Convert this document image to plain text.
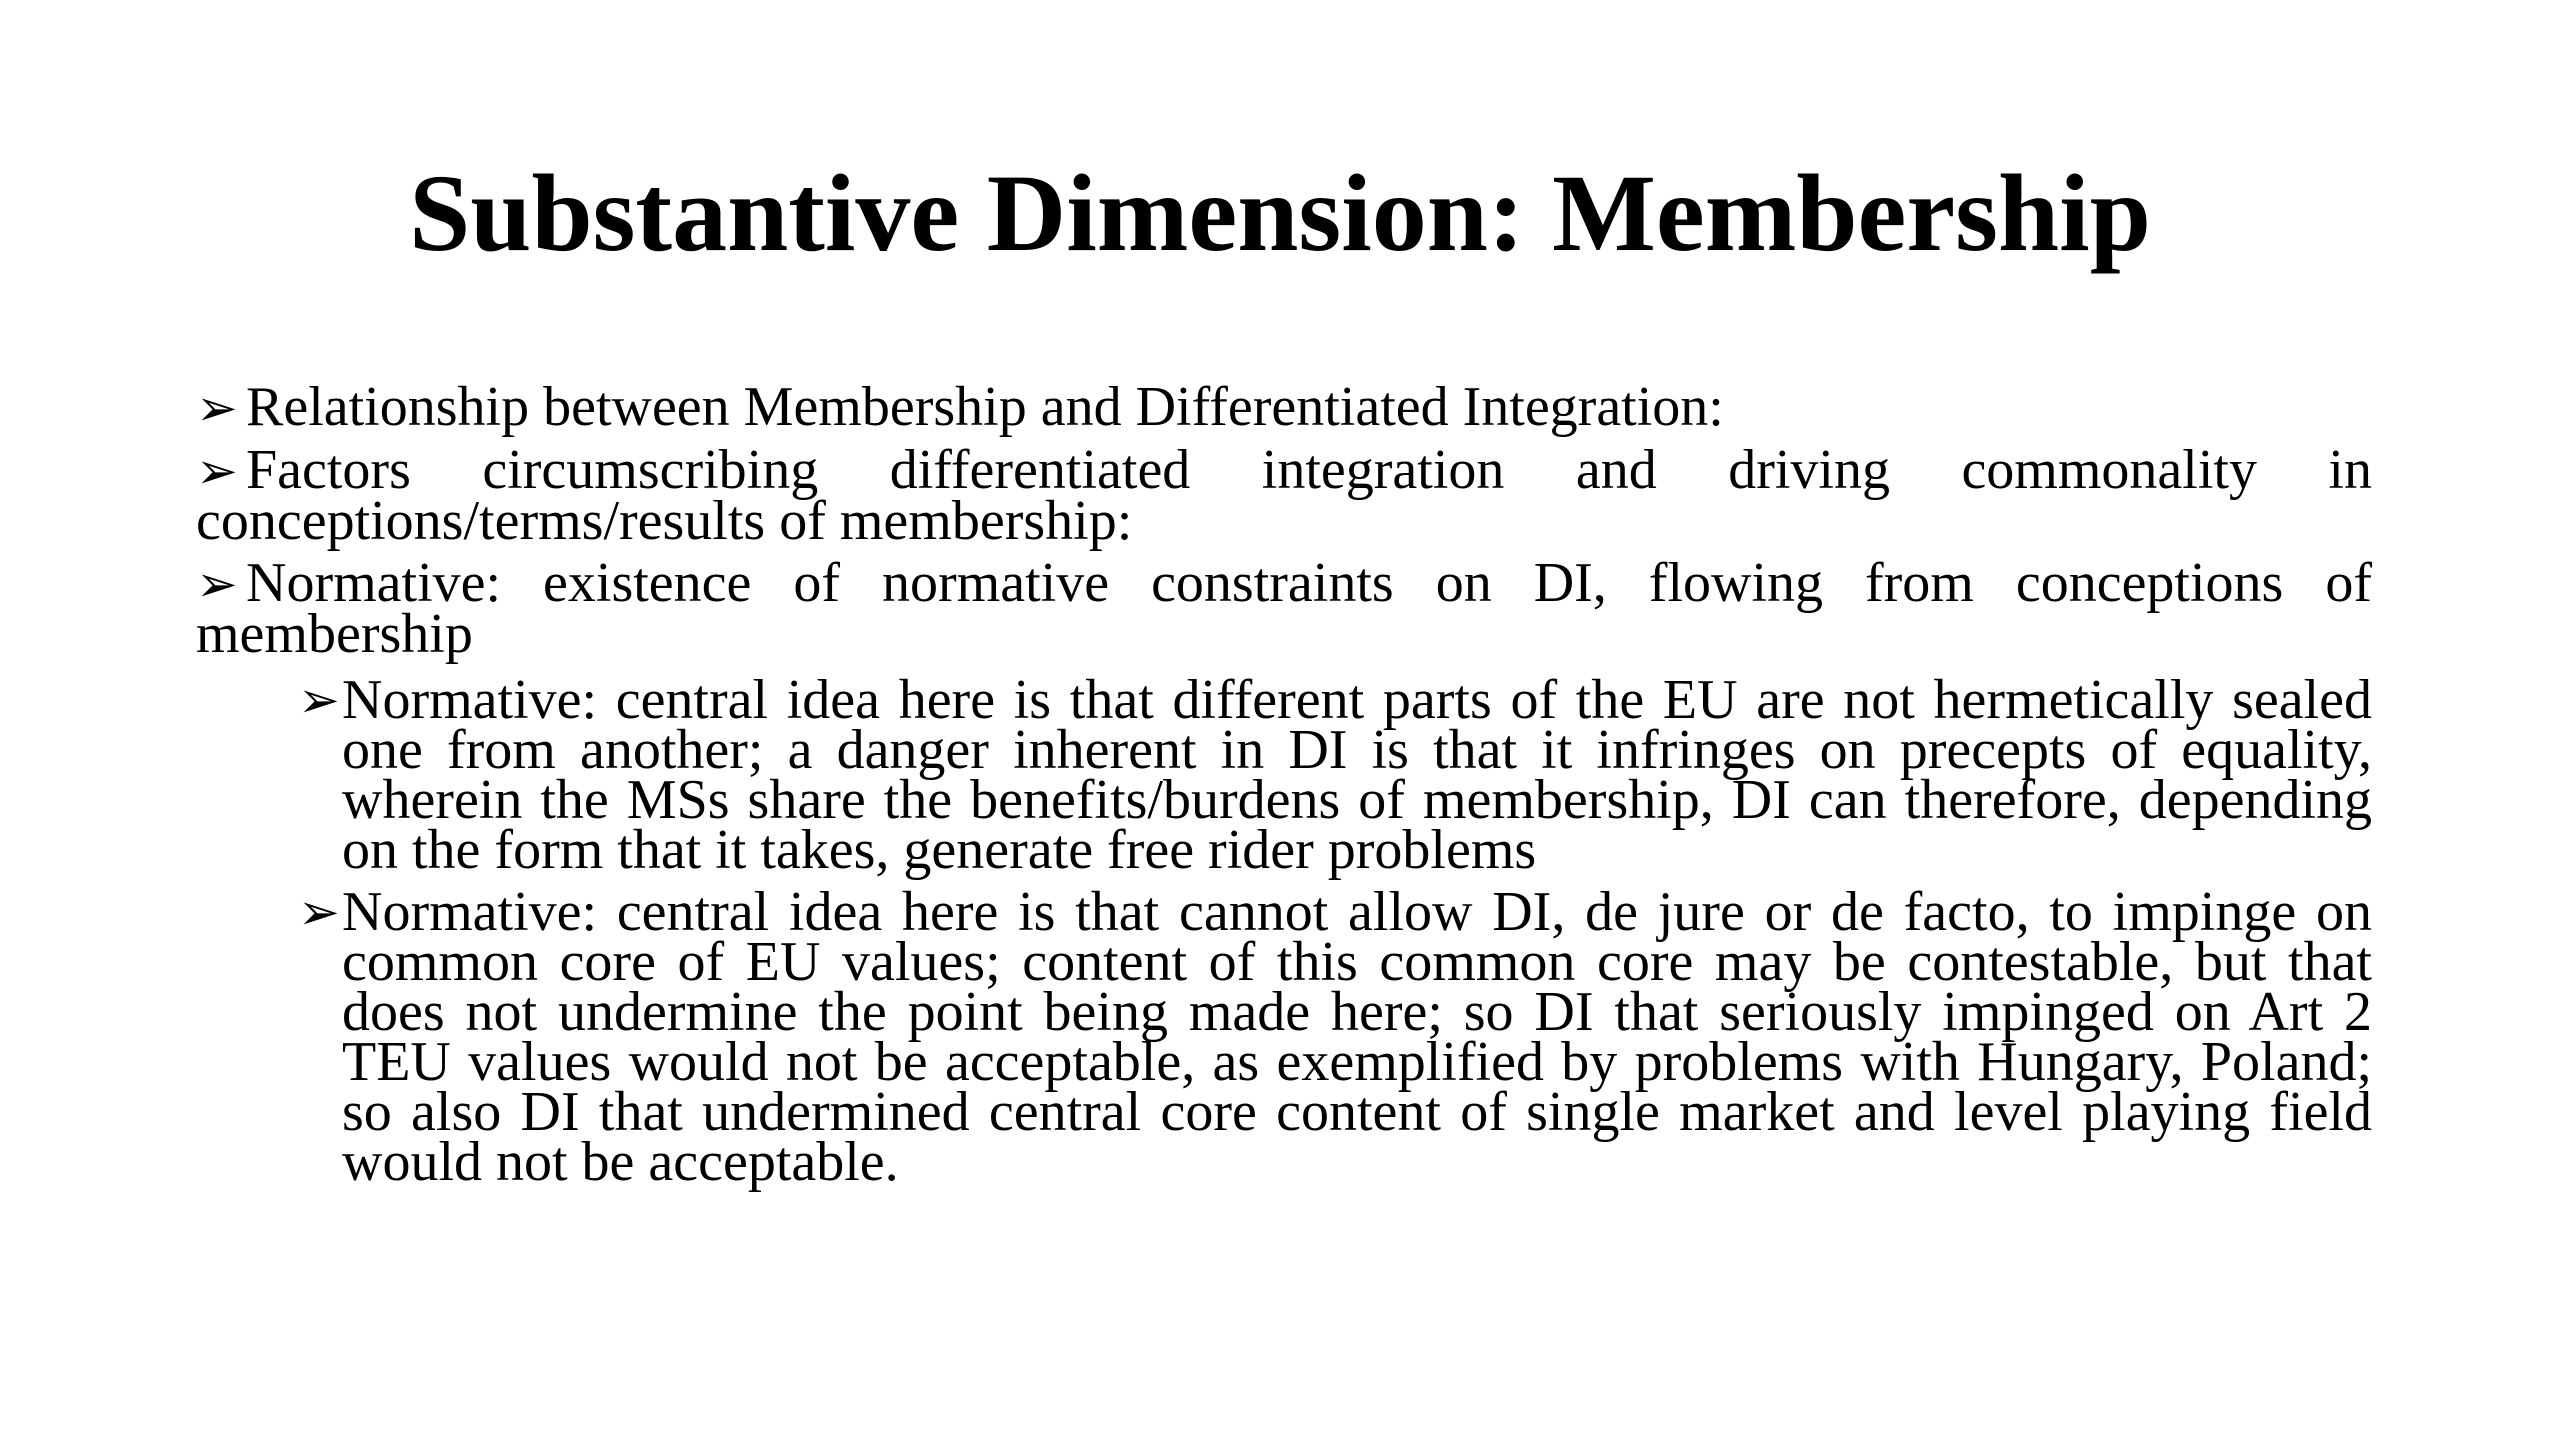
Substantive Dimension: Membership

➢ Relationship between Membership and Differentiated Integration:

➢ Factors circumscribing differentiated integration and driving commonality in conceptions/terms/results of membership:

➢ Normative: existence of normative constraints on DI, flowing from conceptions of membership

➢ Normative: central idea here is that different parts of the EU are not hermetically sealed one from another; a danger inherent in DI is that it infringes on precepts of equality, wherein the MSs share the benefits/burdens of membership, DI can therefore, depending on the form that it takes, generate free rider problems

➢ Normative: central idea here is that cannot allow DI, de jure or de facto, to impinge on common core of EU values; content of this common core may be contestable, but that does not undermine the point being made here; so DI that seriously impinged on Art 2 TEU values would not be acceptable, as exemplified by problems with Hungary, Poland; so also DI that undermined central core content of single market and level playing field would not be acceptable.
